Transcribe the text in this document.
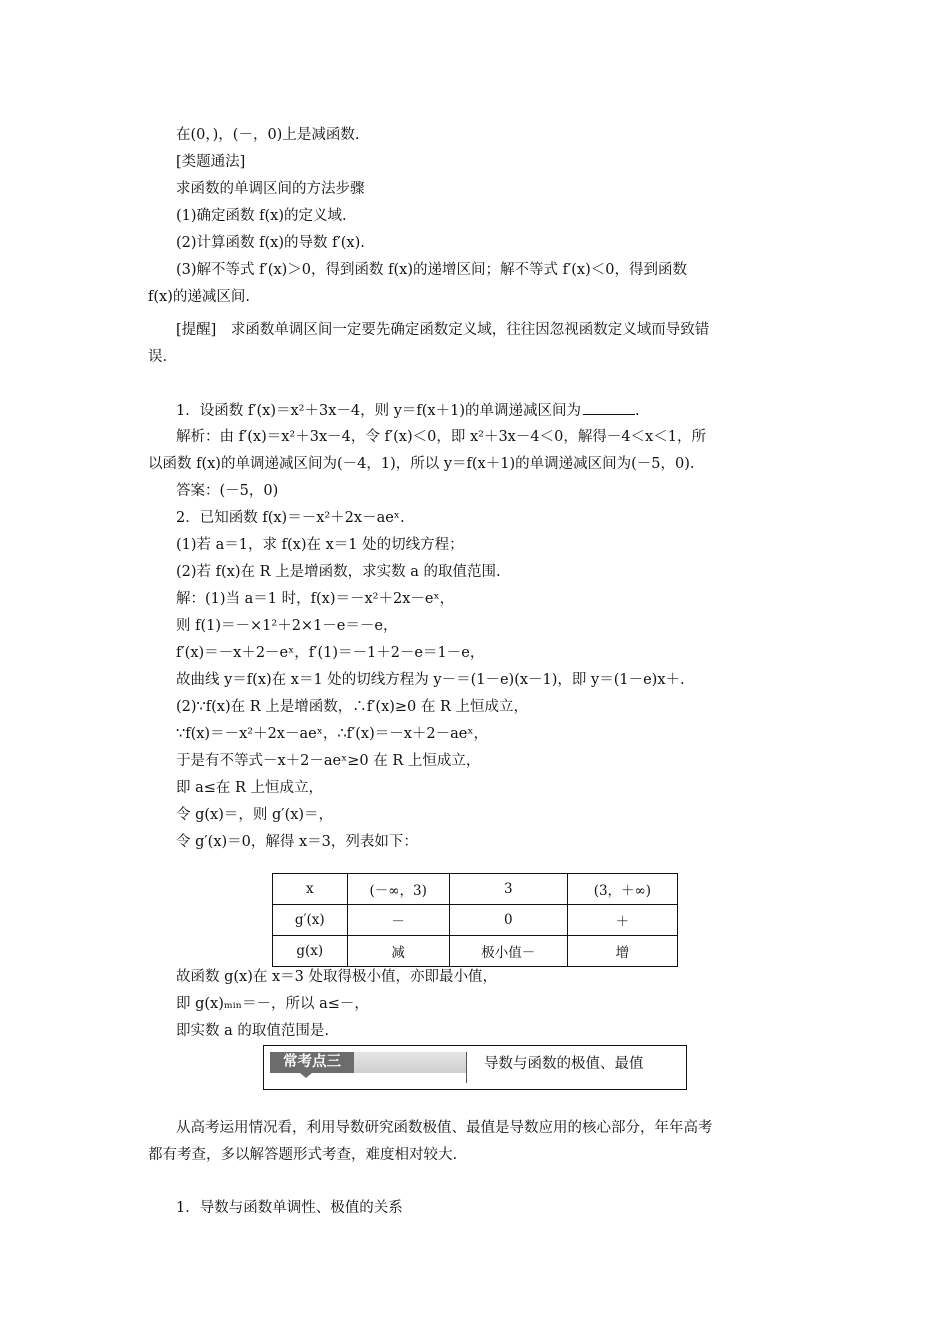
在(0，)，(－，0)上是减函数.
[类题通法]
求函数的单调区间的方法步骤
(1)确定函数 f(x)的定义域.
(2)计算函数 f(x)的导数 f′(x).
(3)解不等式 f′(x)＞0，得到函数 f(x)的递增区间；解不等式 f′(x)＜0，得到函数
f(x)的递减区间.
[提醒]　求函数单调区间一定要先确定函数定义域，往往因忽视函数定义域而导致错
误.
1．设函数 f′(x)＝x²＋3x－4，则 y＝f(x＋1)的单调递减区间为	.
解析：由 f′(x)＝x²＋3x－4，令 f′(x)＜0，即 x²＋3x－4＜0，解得－4＜x＜1，所
以函数 f(x)的单调递减区间为(－4，1)，所以 y＝f(x＋1)的单调递减区间为(－5，0).
答案：(－5，0)
2．已知函数 f(x)＝－x²＋2x－aeˣ.
(1)若 a＝1，求 f(x)在 x＝1 处的切线方程；
(2)若 f(x)在 R 上是增函数，求实数 a 的取值范围.
解：(1)当 a＝1 时，f(x)＝－x²＋2x－eˣ，
则 f(1)＝－×1²＋2×1－e＝－e，
f′(x)＝－x＋2－eˣ，f′(1)＝－1＋2－e＝1－e，
故曲线 y＝f(x)在 x＝1 处的切线方程为 y－＝(1－e)(x－1)，即 y＝(1－e)x＋.
(2)∵f(x)在 R 上是增函数，∴f′(x)≥0 在 R 上恒成立，
∵f(x)＝－x²＋2x－aeˣ，∴f′(x)＝－x＋2－aeˣ，
于是有不等式－x＋2－aeˣ≥0 在 R 上恒成立，
即 a≤在 R 上恒成立，
令 g(x)＝，则 g′(x)＝，
令 g′(x)＝0，解得 x＝3，列表如下：
故函数 g(x)在 x＝3 处取得极小值，亦即最小值，
即 g(x)ₘᵢₙ＝－，所以 a≤－，
即实数 a 的取值范围是.
从高考运用情况看，利用导数研究函数极值、最值是导数应用的核心部分，年年高考
都有考查，多以解答题形式考查，难度相对较大.
1．导数与函数单调性、极值的关系
x	(－∞，3)	3	(3，＋∞)
g′(x)	－	0	＋
g(x)	减	极小值－	增
常考点三	导数与函数的极值、最值
